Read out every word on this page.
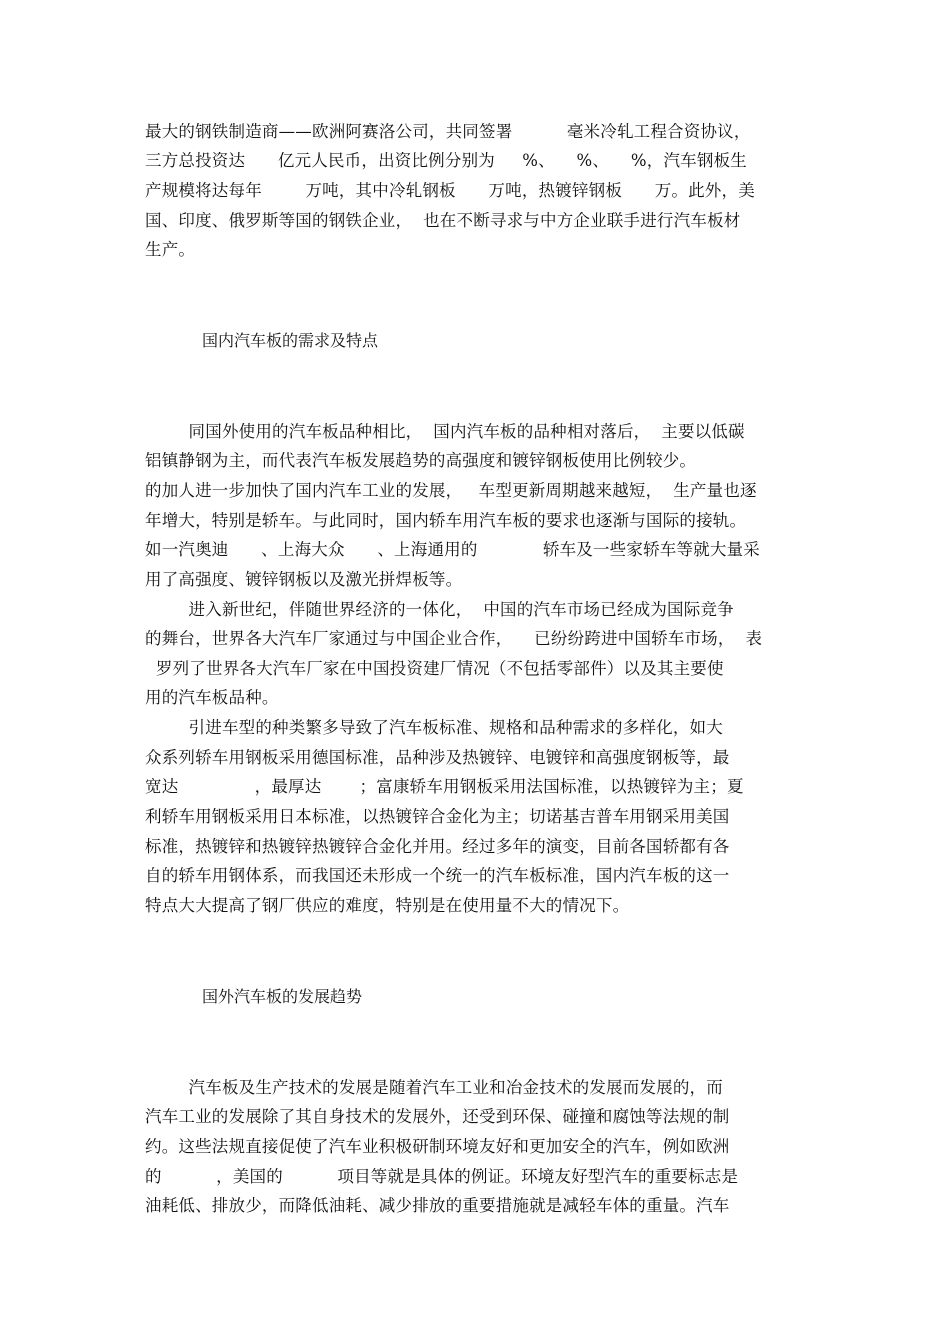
最大的钢铁制造商——欧洲阿赛洛公司，共同签署          毫米冷轧工程合资协议，
三方总投资达      亿元人民币，出资比例分别为     %、    %、    %，汽车钢板生
产规模将达每年        万吨，其中冷轧钢板      万吨，热镀锌钢板      万。此外，美
国、印度、俄罗斯等国的钢铁企业，  也在不断寻求与中方企业联手进行汽车板材
生产。
国内汽车板的需求及特点
同国外使用的汽车板品种相比，  国内汽车板的品种相对落后，  主要以低碳
铝镇静钢为主，而代表汽车板发展趋势的高强度和镀锌钢板使用比例较少。
的加人进一步加快了国内汽车工业的发展，   车型更新周期越来越短，  生产量也逐
年增大，特别是轿车。与此同时，国内轿车用汽车板的要求也逐渐与国际的接轨。
如一汽奥迪      、上海大众      、上海通用的            轿车及一些家轿车等就大量采
用了高强度、镀锌钢板以及激光拼焊板等。
进入新世纪，伴随世界经济的一体化，  中国的汽车市场已经成为国际竞争
的舞台，世界各大汽车厂家通过与中国企业合作，    已纷纷跨进中国轿车市场，  表
罗列了世界各大汽车厂家在中国投资建厂情况（不包括零部件）以及其主要使
用的汽车板品种。
引进车型的种类繁多导致了汽车板标准、规格和品种需求的多样化，如大
众系列轿车用钢板采用德国标准，品种涉及热镀锌、电镀锌和高强度钢板等，最
宽达              ，最厚达       ；富康轿车用钢板采用法国标准，以热镀锌为主；夏
利轿车用钢板采用日本标准，以热镀锌合金化为主；切诺基吉普车用钢采用美国
标准，热镀锌和热镀锌热镀锌合金化并用。经过多年的演变，目前各国轿都有各
自的轿车用钢体系，而我国还未形成一个统一的汽车板标准，国内汽车板的这一
特点大大提高了钢厂供应的难度，特别是在使用量不大的情况下。
国外汽车板的发展趋势
汽车板及生产技术的发展是随着汽车工业和冶金技术的发展而发展的，而
汽车工业的发展除了其自身技术的发展外，还受到环保、碰撞和腐蚀等法规的制
约。这些法规直接促使了汽车业积极研制环境友好和更加安全的汽车，例如欧洲
的          ，美国的          项目等就是具体的例证。环境友好型汽车的重要标志是
油耗低、排放少，而降低油耗、减少排放的重要措施就是减轻车体的重量。汽车
